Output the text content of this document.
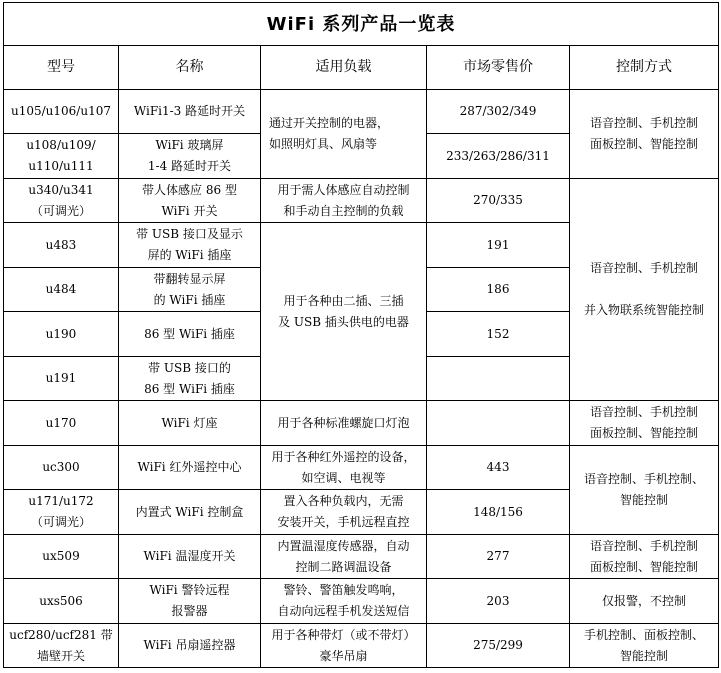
WiFi 系列产品一览表				
型号	名称	适用负载	市场零售价	控制方式
u105/u106/u107	WiFi1-3 路延时开关	通过开关控制的电器，
如照明灯具、风扇等	287/302/349	语音控制、手机控制
面板控制、智能控制
u108/u109/
u110/u111	WiFi 玻璃屏
1-4 路延时开关		233/263/286/311	
u340/u341
（可调光）	带人体感应 86 型
WiFi 开关	用于需人体感应自动控制
和手动自主控制的负载	270/335	语音控制、手机控制

并入物联系统智能控制
u483	带 USB 接口及显示
屏的 WiFi 插座	用于各种由二插、三插
及 USB 插头供电的电器	191	
u484	带翻转显示屏
的 WiFi 插座		186	
u190	86 型 WiFi 插座		152	
u191	带 USB 接口的
86 型 WiFi 插座			
u170	WiFi 灯座	用于各种标准螺旋口灯泡		语音控制、手机控制
面板控制、智能控制
uc300	WiFi 红外遥控中心	用于各种红外遥控的设备，
如空调、电视等	443	语音控制、手机控制、
智能控制
u171/u172
（可调光）	内置式 WiFi 控制盒	置入各种负载内，无需
安装开关，手机远程直控	148/156	
ux509	WiFi 温湿度开关	内置温湿度传感器，自动
控制二路调温设备	277	语音控制、手机控制
面板控制、智能控制
uxs506	WiFi 警铃远程
报警器	警铃、警笛触发鸣响，
自动向远程手机发送短信	203	仅报警，不控制
ucf280/ucf281 带
墙壁开关	WiFi 吊扇遥控器	用于各种带灯（或不带灯）
豪华吊扇	275/299	手机控制、面板控制、
智能控制
